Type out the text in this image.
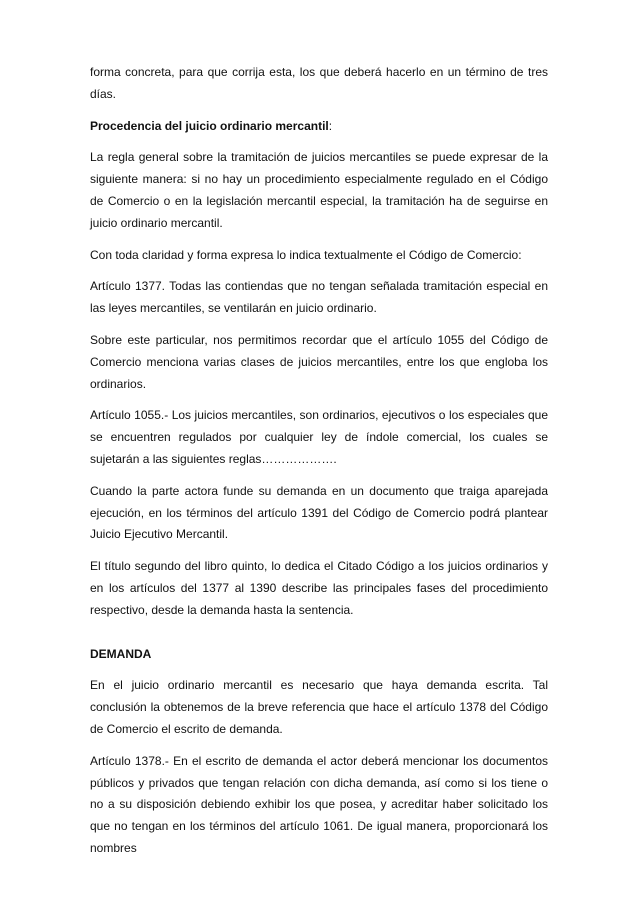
forma concreta, para que corrija esta, los que deberá hacerlo en un término de tres días.

Procedencia del juicio ordinario mercantil:

La regla general sobre la tramitación de juicios mercantiles se puede expresar de la siguiente manera: si no hay un procedimiento especialmente regulado en el Código de Comercio o en la legislación mercantil especial, la tramitación ha de seguirse en juicio ordinario mercantil.

Con toda claridad y forma expresa lo indica textualmente el Código de Comercio:

Artículo 1377. Todas las contiendas que no tengan señalada tramitación especial en las leyes mercantiles, se ventilarán en juicio ordinario.

Sobre este particular, nos permitimos recordar que el artículo 1055 del Código de Comercio menciona varias clases de juicios mercantiles, entre los que engloba los ordinarios.

Artículo 1055.- Los juicios mercantiles, son ordinarios, ejecutivos o los especiales que se encuentren regulados por cualquier ley de índole comercial, los cuales se sujetarán a las siguientes reglas……………….

Cuando la parte actora funde su demanda en un documento que traiga aparejada ejecución, en los términos del artículo 1391 del Código de Comercio podrá plantear Juicio Ejecutivo Mercantil.

El título segundo del libro quinto, lo dedica el Citado Código a los juicios ordinarios y en los artículos del 1377 al 1390 describe las principales fases del procedimiento respectivo, desde la demanda hasta la sentencia.

DEMANDA

En el juicio ordinario mercantil es necesario que haya demanda escrita. Tal conclusión la obtenemos de la breve referencia que hace el artículo 1378 del Código de Comercio el escrito de demanda.

Artículo 1378.- En el escrito de demanda el actor deberá mencionar los documentos públicos y privados que tengan relación con dicha demanda, así como si los tiene o no a su disposición debiendo exhibir los que posea, y acreditar haber solicitado los que no tengan en los términos del artículo 1061. De igual manera, proporcionará los nombres
